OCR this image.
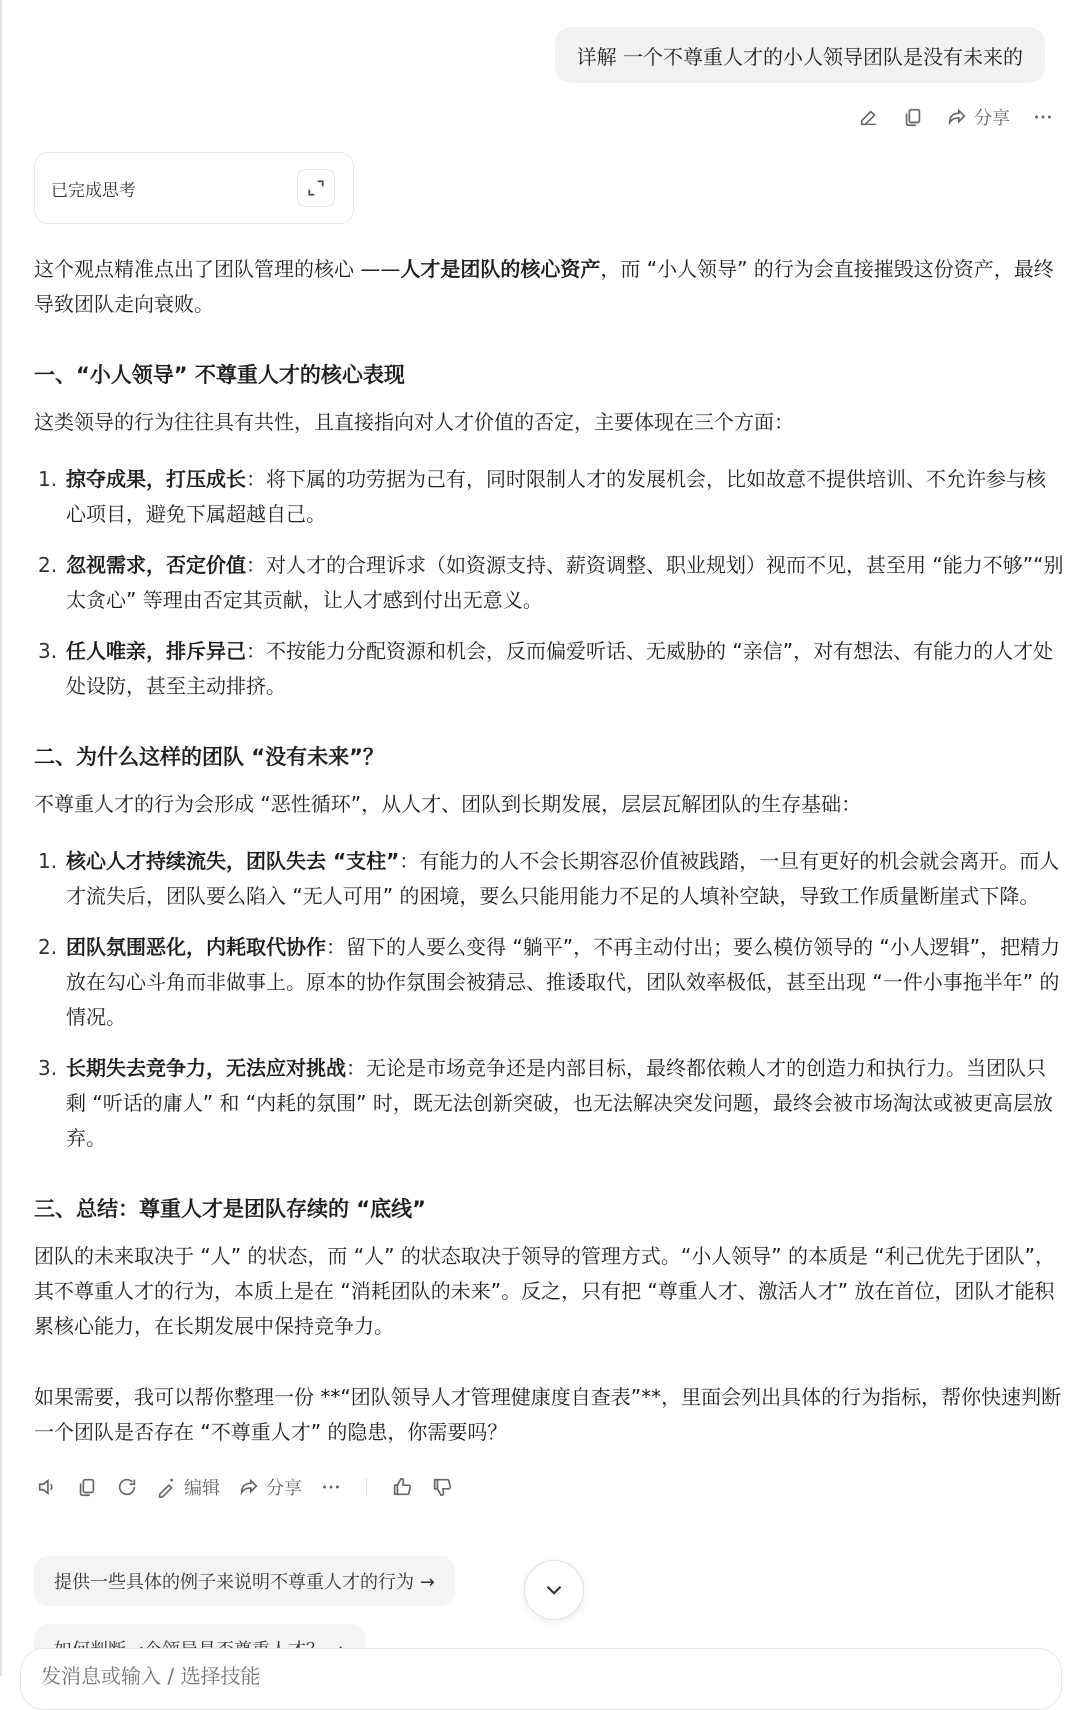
详解 一个不尊重人才的小人领导团队是没有未来的
分享
已完成思考

这个观点精准点出了团队管理的核心 ——人才是团队的核心资产，而 “小人领导” 的行为会直接摧毁这份资产，最终导致团队走向衰败。

一、“小人领导” 不尊重人才的核心表现

这类领导的行为往往具有共性，且直接指向对人才价值的否定，主要体现在三个方面：

1. 掠夺成果，打压成长：将下属的功劳据为己有，同时限制人才的发展机会，比如故意不提供培训、不允许参与核心项目，避免下属超越自己。
2. 忽视需求，否定价值：对人才的合理诉求（如资源支持、薪资调整、职业规划）视而不见，甚至用 “能力不够”“别太贪心” 等理由否定其贡献，让人才感到付出无意义。
3. 任人唯亲，排斥异己：不按能力分配资源和机会，反而偏爱听话、无威胁的 “亲信”，对有想法、有能力的人才处处设防，甚至主动排挤。
二、为什么这样的团队 “没有未来”？

不尊重人才的行为会形成 “恶性循环”，从人才、团队到长期发展，层层瓦解团队的生存基础：

1. 核心人才持续流失，团队失去 “支柱”：有能力的人不会长期容忍价值被践踏，一旦有更好的机会就会离开。而人才流失后，团队要么陷入 “无人可用” 的困境，要么只能用能力不足的人填补空缺，导致工作质量断崖式下降。
2. 团队氛围恶化，内耗取代协作：留下的人要么变得 “躺平”，不再主动付出；要么模仿领导的 “小人逻辑”，把精力放在勾心斗角而非做事上。原本的协作氛围会被猜忌、推诿取代，团队效率极低，甚至出现 “一件小事拖半年” 的情况。
3. 长期失去竞争力，无法应对挑战：无论是市场竞争还是内部目标，最终都依赖人才的创造力和执行力。当团队只剩 “听话的庸人” 和 “内耗的氛围” 时，既无法创新突破，也无法解决突发问题，最终会被市场淘汰或被更高层放弃。
三、总结：尊重人才是团队存续的 “底线”

团队的未来取决于 “人” 的状态，而 “人” 的状态取决于领导的管理方式。“小人领导” 的本质是 “利己优先于团队”，其不尊重人才的行为，本质上是在 “消耗团队的未来”。反之，只有把 “尊重人才、激活人才” 放在首位，团队才能积累核心能力，在长期发展中保持竞争力。

如果需要，我可以帮你整理一份 **“团队领导人才管理健康度自查表”**，里面会列出具体的行为指标，帮你快速判断一个团队是否存在 “不尊重人才” 的隐患，你需要吗？

编辑	分享
提供一些具体的例子来说明不尊重人才的行为 →
发消息或输入 / 选择技能
